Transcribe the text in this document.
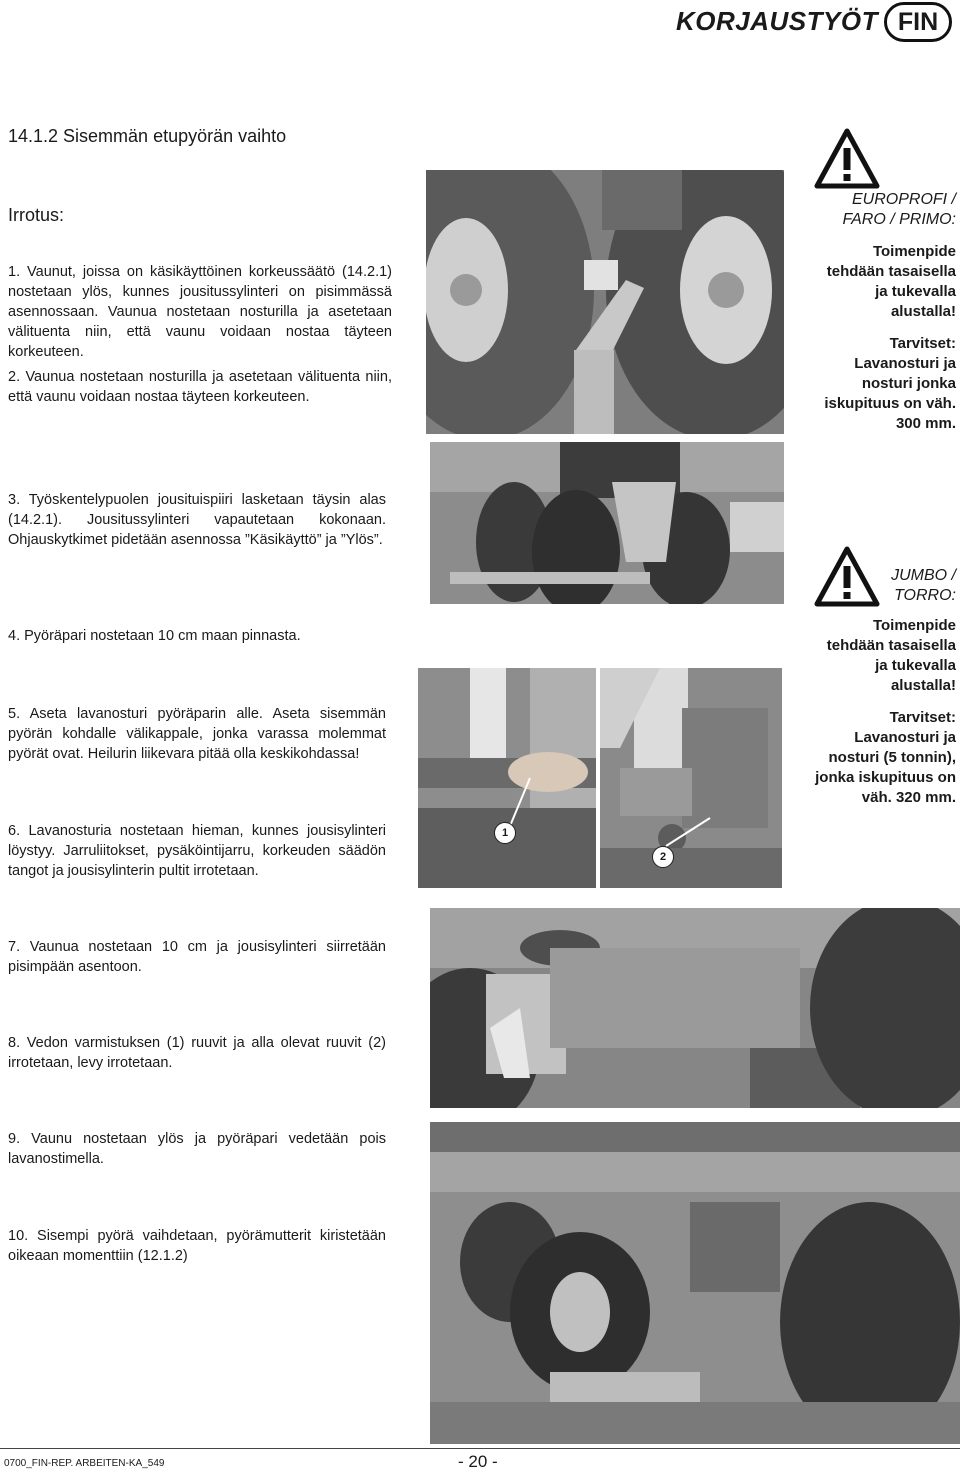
KORJAUSTYÖT FIN
14.1.2 Sisemmän etupyörän vaihto
Irrotus:
1. Vaunut, joissa on käsikäyttöinen korkeussäätö (14.2.1) nostetaan ylös, kunnes jousitussylinteri on pisimmässä asennossaan. Vaunua nostetaan nosturilla ja asetetaan välituenta niin, että vaunu voidaan nostaa täyteen korkeuteen.
2. Vaunua nostetaan nosturilla ja asetetaan välituenta niin, että vaunu voidaan nostaa täyteen korkeuteen.
3. Työskentelypuolen jousituispiiri lasketaan täysin alas (14.2.1). Jousitussylinteri vapautetaan kokonaan. Ohjauskytkimet pidetään asennossa ”Käsikäyttö” ja ”Ylös”.
4. Pyöräpari nostetaan 10 cm maan pinnasta.
5. Aseta lavanosturi pyöräparin alle. Aseta sisemmän pyörän kohdalle välikappale, jonka varassa molemmat pyörät ovat. Heilurin liikevara pitää olla keskikohdassa!
6. Lavanosturia nostetaan hieman, kunnes jousisylinteri löystyy. Jarruliitokset, pysäköintijarru, korkeuden säädön tangot ja jousisylinterin pultit irrotetaan.
7. Vaunua nostetaan 10 cm ja jousisylinteri siirretään pisimpään asentoon.
8. Vedon varmistuksen (1) ruuvit ja alla olevat ruuvit (2) irrotetaan, levy irrotetaan.
9. Vaunu nostetaan ylös ja pyöräpari vedetään pois lavanostimella.
10. Sisempi pyörä vaihdetaan, pyörämutterit kiristetään oikeaan momenttiin (12.1.2)
1
2
EUROPROFI /
FARO / PRIMO:
Toimenpide tehdään tasaisella ja tukevalla alustalla!
Tarvitset: Lavanosturi ja nosturi jonka iskupituus on väh. 300 mm.
JUMBO /
TORRO:
Toimenpide tehdään tasaisella ja tukevalla alustalla!
Tarvitset: Lavanosturi ja nosturi (5 tonnin), jonka iskupituus on väh. 320 mm.
0700_FIN-REP. ARBEITEN-KA_549	- 20 -
